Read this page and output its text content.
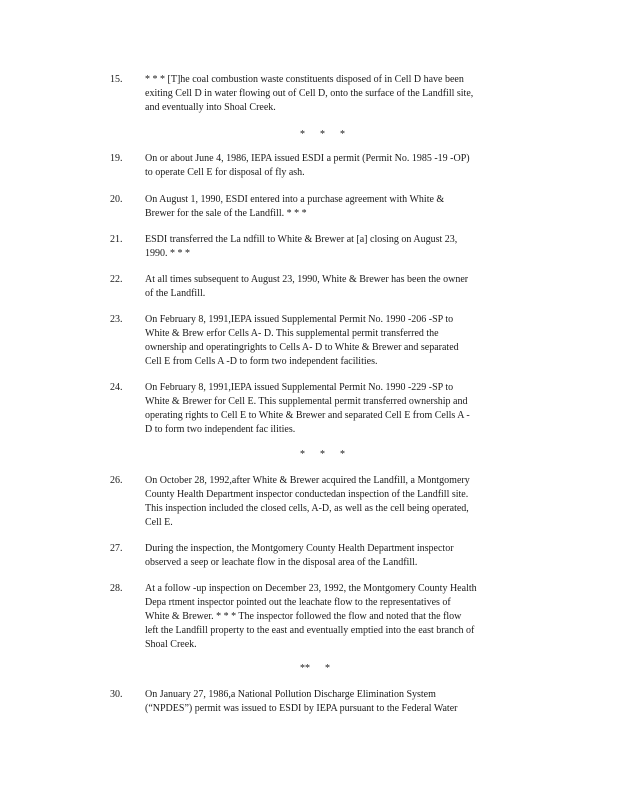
15.	* * * [T]he coal combustion waste constituents disposed of in Cell D have been
exiting Cell D in water flowing out of Cell D, onto the surface of the Landfill site,
and eventually into Shoal Creek.
*      *      *
19.	On or about June 4, 1986, IEPA issued ESDI a permit (Permit No. 1985 -19 -OP)
to operate Cell E for disposal of fly ash.
20.	On August 1, 1990, ESDI entered into a purchase agreement with White &
Brewer for the sale of the Landfill. * * *
21.	ESDI transferred the La ndfill to White & Brewer at [a] closing on August 23,
1990. * * *
22.	At all times subsequent to August 23, 1990, White & Brewer has been the owner
of the Landfill.
23.	On February 8, 1991,IEPA issued Supplemental Permit No. 1990 -206 -SP to
White & Brew erfor Cells A- D. This supplemental permit transferred the
ownership and operatingrights to Cells A- D to White & Brewer and separated
Cell E from Cells A -D to form two independent facilities.
24.	On February 8, 1991,IEPA issued Supplemental Permit No. 1990 -229 -SP to
White & Brewer for Cell E. This supplemental permit transferred ownership and
operating rights to Cell E to White & Brewer and separated Cell E from Cells A -
D to form two independent fac ilities.
*      *      *
26.	On October 28, 1992,after White & Brewer acquired the Landfill, a Montgomery
County Health Department inspector conductedan inspection of the Landfill site.
This inspection included the closed cells, A-D, as well as the cell being operated,
Cell E.
27.	During the inspection, the Montgomery County Health Department inspector
observed a seep or leachate flow in the disposal area of the Landfill.
28.	At a follow -up inspection on December 23, 1992, the Montgomery County Health
Depa rtment inspector pointed out the leachate flow to the representatives of
White & Brewer. * * * The inspector followed the flow and noted that the flow
left the Landfill property to the east and eventually emptied into the east branch of
Shoal Creek.
**      *
30.	On January 27, 1986,a National Pollution Discharge Elimination System
(“NPDES”) permit was issued to ESDI by IEPA pursuant to the Federal Water
